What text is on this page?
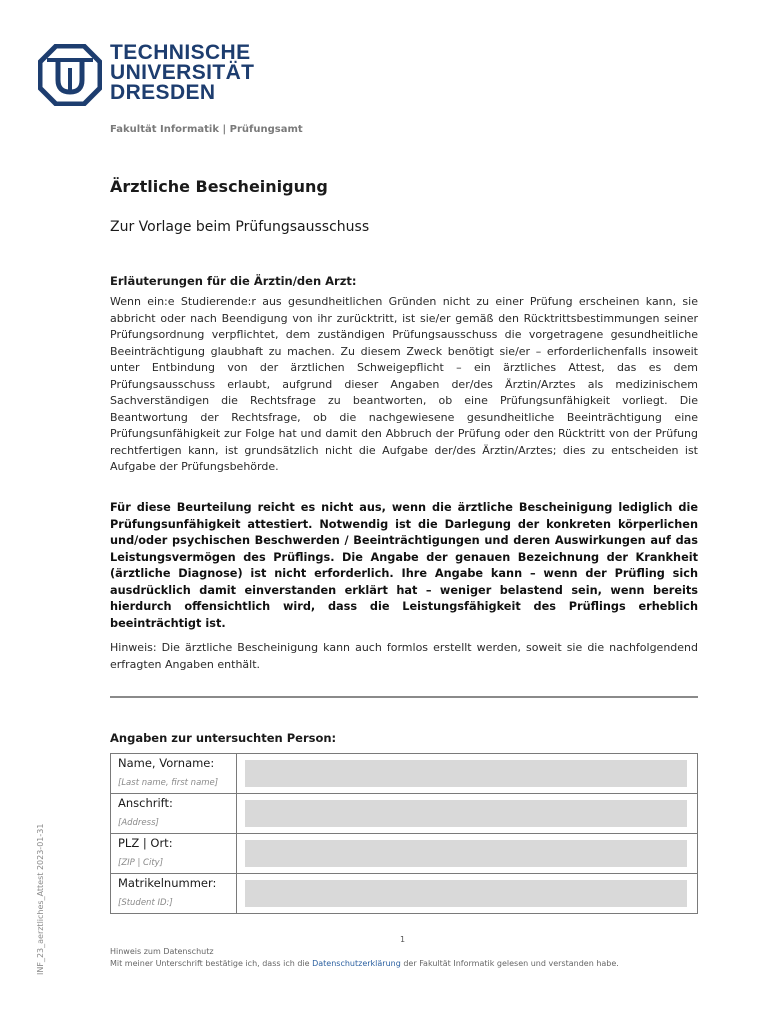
TECHNISCHE
UNIVERSITÄT
DRESDEN
Fakultät Informatik | Prüfungsamt
Ärztliche Bescheinigung
Zur Vorlage beim Prüfungsausschuss
Erläuterungen für die Ärztin/den Arzt:
Wenn ein:e Studierende:r aus gesundheitlichen Gründen nicht zu einer Prüfung erscheinen kann, sie abbricht oder nach Beendigung von ihr zurücktritt, ist sie/er gemäß den Rücktrittsbestimmungen seiner Prüfungsordnung verpflichtet, dem zuständigen Prüfungsausschuss die vorgetragene gesundheitliche Beeinträchtigung glaubhaft zu machen. Zu diesem Zweck benötigt sie/er – erforderlichenfalls insoweit unter Entbindung von der ärztlichen Schweigepflicht – ein ärztliches Attest, das es dem Prüfungsausschuss erlaubt, aufgrund dieser Angaben der/des Ärztin/Arztes als medizinischem Sachverständigen die Rechtsfrage zu beantworten, ob eine Prüfungsunfähigkeit vorliegt. Die Beantwortung der Rechtsfrage, ob die nachgewiesene gesundheitliche Beeinträchtigung eine Prüfungsunfähigkeit zur Folge hat und damit den Abbruch der Prüfung oder den Rücktritt von der Prüfung rechtfertigen kann, ist grundsätzlich nicht die Aufgabe der/des Ärztin/Arztes; dies zu entscheiden ist Aufgabe der Prüfungsbehörde.
Für diese Beurteilung reicht es nicht aus, wenn die ärztliche Bescheinigung lediglich die Prüfungsunfähigkeit attestiert. Notwendig ist die Darlegung der konkreten körperlichen und/oder psychischen Beschwerden / Beeinträchtigungen und deren Auswirkungen auf das Leistungsvermögen des Prüflings. Die Angabe der genauen Bezeichnung der Krankheit (ärztliche Diagnose) ist nicht erforderlich. Ihre Angabe kann – wenn der Prüfling sich ausdrücklich damit einverstanden erklärt hat – weniger belastend sein, wenn bereits hierdurch offensichtlich wird, dass die Leistungsfähigkeit des Prüflings erheblich beeinträchtigt ist.
Hinweis: Die ärztliche Bescheinigung kann auch formlos erstellt werden, soweit sie die nachfolgendend erfragten Angaben enthält.
Angaben zur untersuchten Person:
Name, Vorname:
[Last name, first name]

Anschrift:
[Address]

PLZ | Ort:
[ZIP | City]

Matrikelnummer:
[Student ID:]

1
Hinweis zum Datenschutz
Mit meiner Unterschrift bestätige ich, dass ich die Datenschutzerklärung der Fakultät Informatik gelesen und verstanden habe.
INF_23_aerztliches_Attest 2023-01-31
